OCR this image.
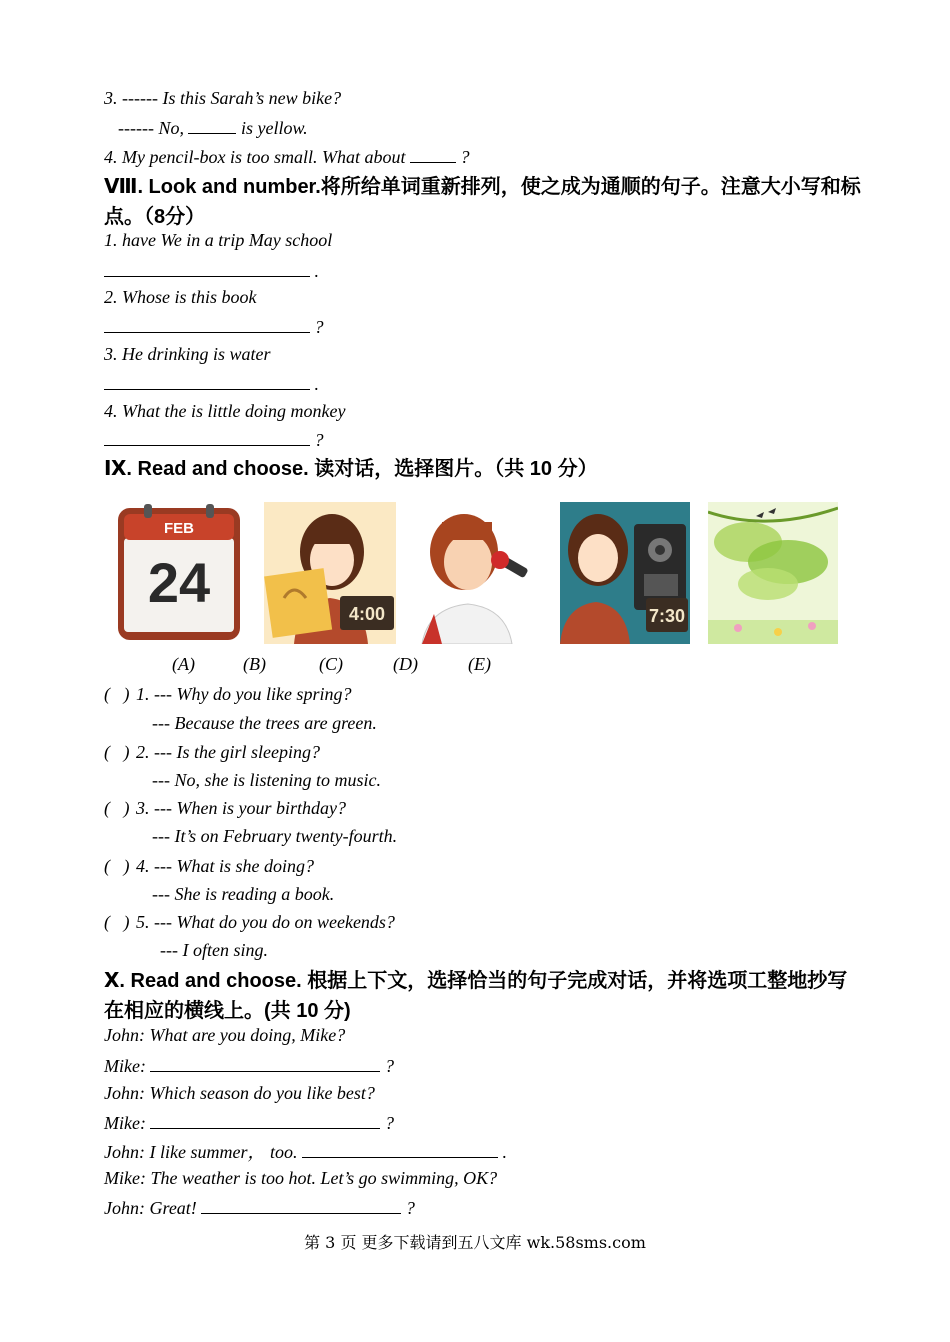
3. ------ Is this Sarah’s new bike?
------ No,	is yellow.
4. My pencil-box is too small. What about	?
Ⅷ. Look and number.将所给单词重新排列，使之成为通顺的句子。注意大小写和标点。（8分）
1. have We in a trip May school
.
2. Whose is this book
?
3. He drinking is water
.
4. What the is little doing monkey
?
Ⅸ. Read and choose. 读对话，选择图片。（共 10 分）
FEB
24	4:00	7:30
(A)	(B)	(C)	(D)	(E)
( ) 1. --- Why do you like spring?
--- Because the trees are green.
( ) 2. --- Is the girl sleeping?
--- No, she is listening to music.
( ) 3. --- When is your birthday?
--- It’s on February twenty-fourth.
( ) 4. --- What is she doing?
--- She is reading a book.
( ) 5. --- What do you do on weekends?
--- I often sing.
Ⅹ. Read and choose. 根据上下文，选择恰当的句子完成对话，并将选项工整地抄写在相应的横线上。(共 10 分)
John: What are you doing, Mike?
Mike:	?
John: Which season do you like best?
Mike:	?
John: I like summer， too.	.
Mike: The weather is too hot. Let’s go swimming, OK?
John: Great!	?
第 3 页 更多下载请到五八文库 wk.58sms.com
